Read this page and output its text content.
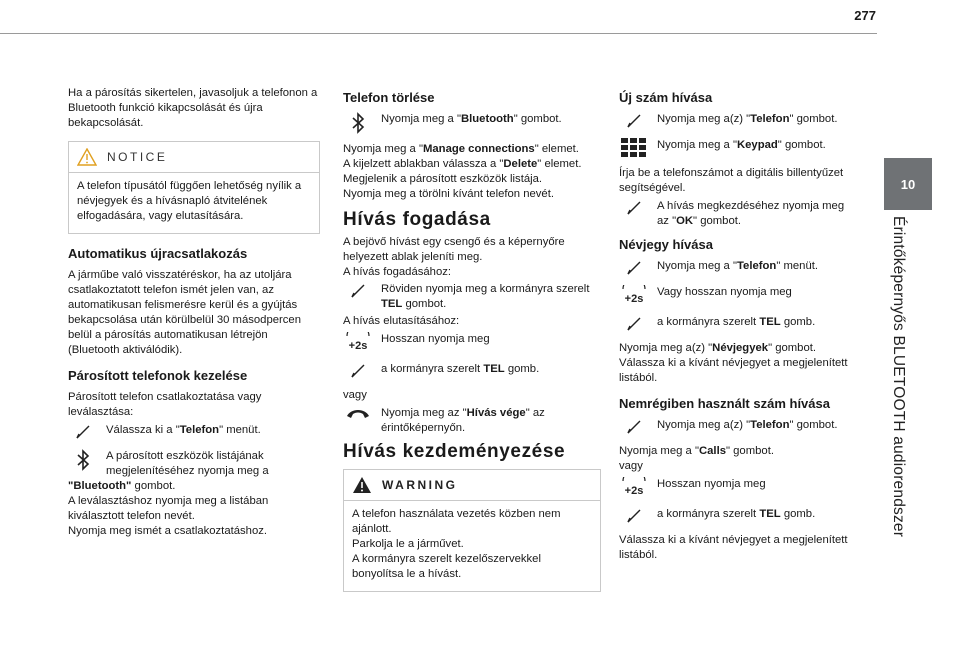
277
10
Érintőképernyős BLUETOOTH audiorendszer

Ha a párosítás sikertelen, javasoljuk a telefonon a Bluetooth funkció kikapcsolását és újra bekapcsolását.

NOTICE

A telefon típusától függően lehetőség nyílik a névjegyek és a hívásnapló átvitelének elfogadására, vagy elutasítására.

Automatikus újracsatlakozás

A járműbe való visszatéréskor, ha az utoljára csatlakoztatott telefon ismét jelen van, az automatikusan felismerésre kerül és a gyújtás bekapcsolása után körülbelül 30 másodpercen belül a párosítás automatikusan létrejön (Bluetooth aktiválódik).

Párosított telefonok kezelése

Párosított telefon csatlakoztatása vagy leválasztása:

Válassza ki a "Telefon" menüt.
A párosított eszközök listájának megjelenítéséhez nyomja meg a

"Bluetooth" gombot.

A leválasztáshoz nyomja meg a listában kiválasztott telefon nevét.

Nyomja meg ismét a csatlakoztatáshoz.

Telefon törlése
Nyomja meg a "Bluetooth" gombot.

Nyomja meg a "Manage connections" elemet.

A kijelzett ablakban válassza a "Delete" elemet.

Megjelenik a párosított eszközök listája.

Nyomja meg a törölni kívánt telefon nevét.

Hívás fogadása

A bejövő hívást egy csengő és a képernyőre helyezett ablak jeleníti meg.

A hívás fogadásához:

Röviden nyomja meg a kormányra szerelt TEL gombot.

A hívás elutasításához:

+2s
Hosszan nyomja meg
a kormányra szerelt TEL gomb.

vagy

Nyomja meg az "Hívás vége" az érintőképernyőn.
Hívás kezdeményezése
WARNING

A telefon használata vezetés közben nem ajánlott.

Parkolja le a járművet.

A kormányra szerelt kezelőszervekkel bonyolítsa le a hívást.

Új szám hívása
Nyomja meg a(z) "Telefon" gombot.
Nyomja meg a "Keypad" gombot.

Írja be a telefonszámot a digitális billentyűzet segítségével.

A hívás megkezdéséhez nyomja meg az "OK" gombot.
Névjegy hívása
Nyomja meg a "Telefon" menüt.
+2s
Vagy hosszan nyomja meg
a kormányra szerelt TEL gomb.

Nyomja meg a(z) "Névjegyek" gombot.

Válassza ki a kívánt névjegyet a megjelenített listából.

Nemrégiben használt szám hívása
Nyomja meg a(z) "Telefon" gombot.

Nyomja meg a "Calls" gombot.

vagy

+2s
Hosszan nyomja meg
a kormányra szerelt TEL gomb.

Válassza ki a kívánt névjegyet a megjelenített listából.
